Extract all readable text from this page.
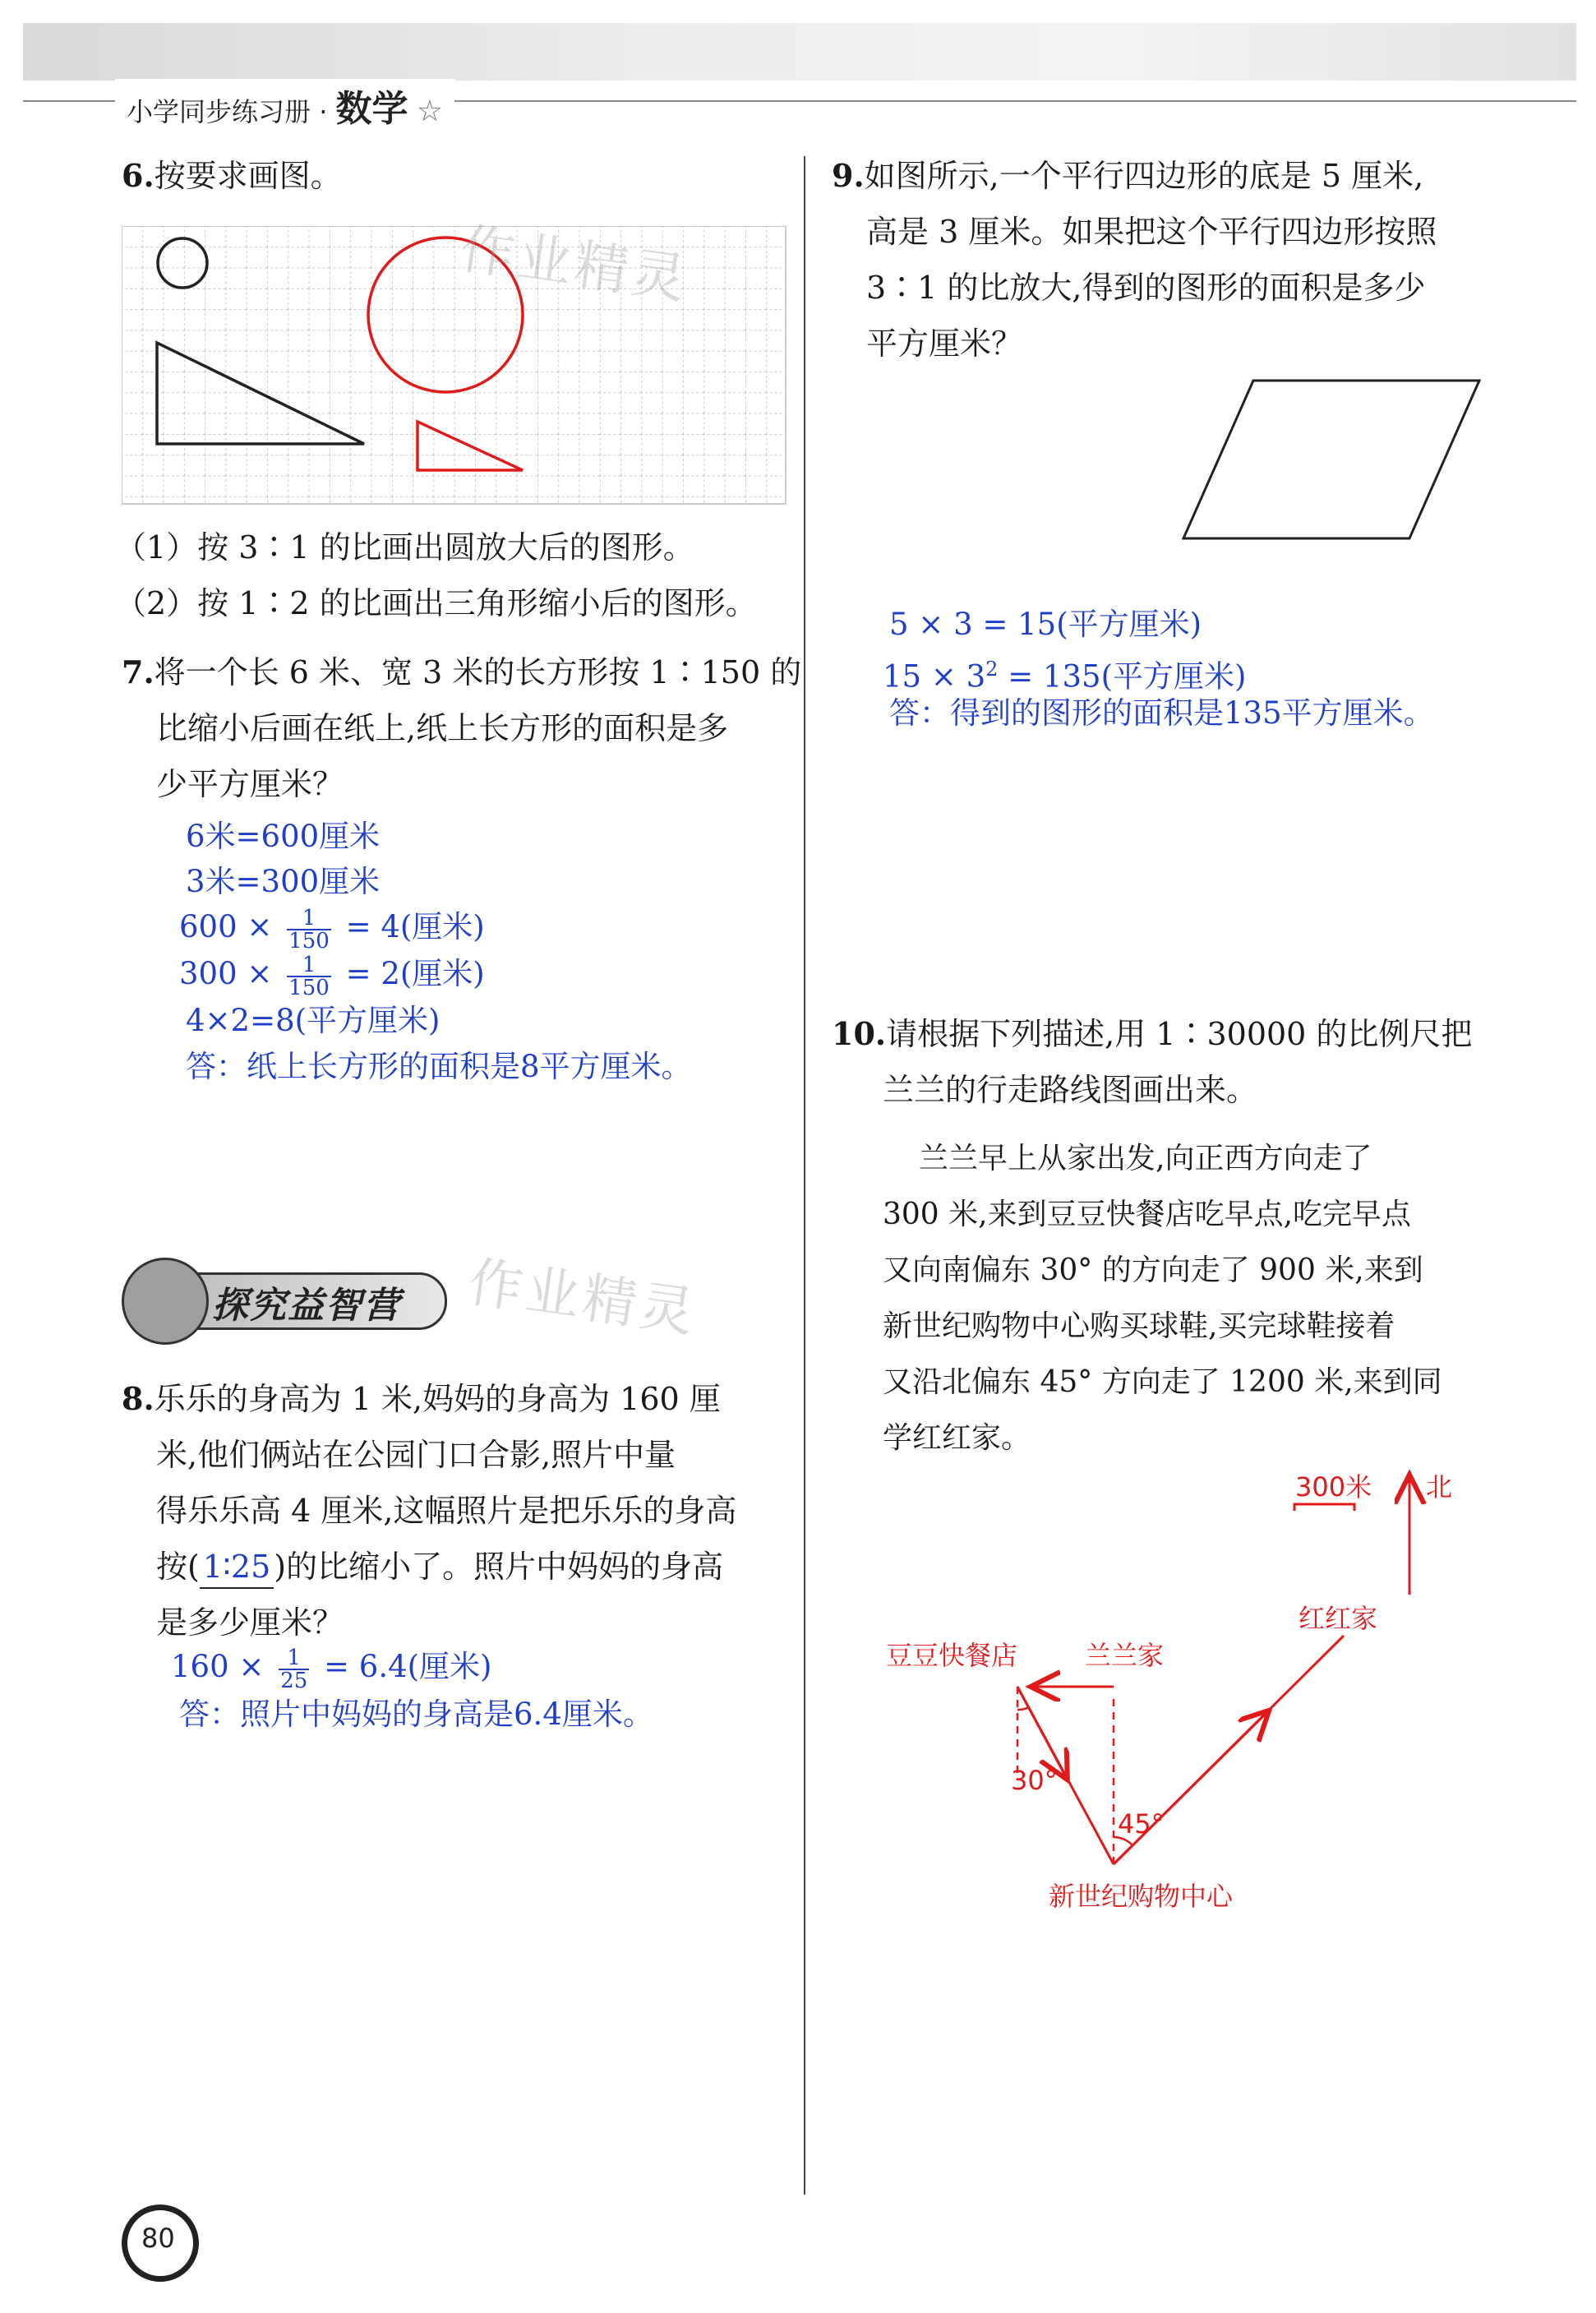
小学同步练习册 · 数学 ☆
6.按要求画图。
作业精灵
（1）按 3∶1 的比画出圆放大后的图形。
（2）按 1∶2 的比画出三角形缩小后的图形。
7.将一个长 6 米、宽 3 米的长方形按 1∶150 的
比缩小后画在纸上,纸上长方形的面积是多
少平方厘米？
6米=600厘米
3米=300厘米
$600 \times \frac{1}{150} = 4$(厘米)
$300 \times \frac{1}{150} = 2$(厘米)
4×2=8(平方厘米)
答：纸上长方形的面积是8平方厘米。
探究益智营 作业精灵
8.乐乐的身高为 1 米,妈妈的身高为 160 厘
米,他们俩站在公园门口合影,照片中量
得乐乐高 4 厘米,这幅照片是把乐乐的身高
按( 1∶25 )的比缩小了。照片中妈妈的身高
是多少厘米？
$160 \times \frac{1}{25} = 6.4$(厘米)
答：照片中妈妈的身高是6.4厘米。
9.如图所示,一个平行四边形的底是 5 厘米,
高是 3 厘米。如果把这个平行四边形按照
3∶1 的比放大,得到的图形的面积是多少
平方厘米？
5 × 3 = 15(平方厘米)
$15 \times 3^2 = 135$(平方厘米)
答：得到的图形的面积是135平方厘米。
10.请根据下列描述,用 1∶30000 的比例尺把
兰兰的行走路线图画出来。
兰兰早上从家出发,向正西方向走了
300 米,来到豆豆快餐店吃早点,吃完早点
又向南偏东 30° 的方向走了 900 米,来到
新世纪购物中心购买球鞋,买完球鞋接着
又沿北偏东 45° 方向走了 1200 米,来到同
学红红家。
300米 北
红红家
豆豆快餐店	兰兰家
30°
45°
新世纪购物中心
80
